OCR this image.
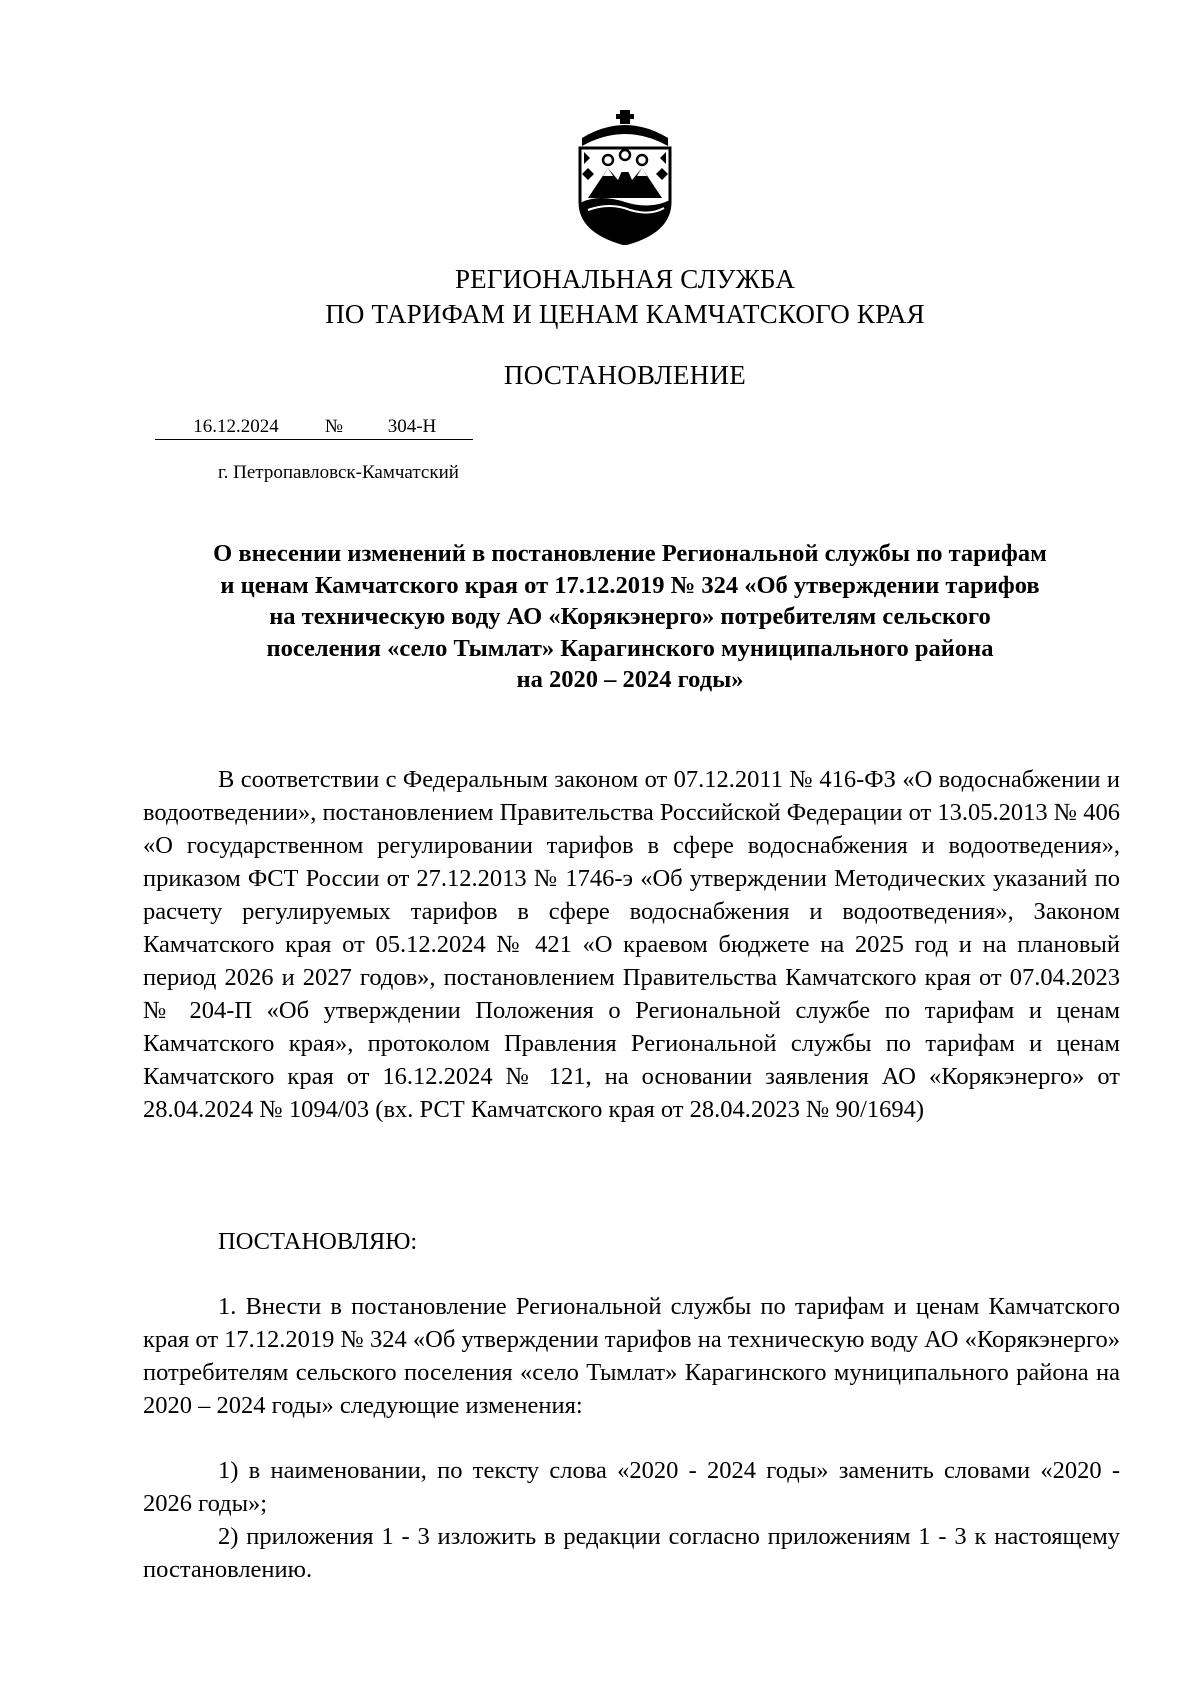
РЕГИОНАЛЬНАЯ СЛУЖБА
ПО ТАРИФАМ И ЦЕНАМ КАМЧАТСКОГО КРАЯ
ПОСТАНОВЛЕНИЕ
16.12.2024 № 304-Н
г. Петропавловск-Камчатский
О внесении изменений в постановление Региональной службы по тарифам
и ценам Камчатского края от 17.12.2019 № 324 «Об утверждении тарифов
на техническую воду АО «Корякэнерго» потребителям сельского
поселения «село Тымлат» Карагинского муниципального района
на 2020 – 2024 годы»
В соответствии с Федеральным законом от 07.12.2011 № 416-ФЗ «О водоснабжении и водоотведении», постановлением Правительства Российской Федерации от 13.05.2013 № 406 «О государственном регулировании тарифов в сфере водоснабжения и водоотведения», приказом ФСТ России от 27.12.2013 № 1746-э «Об утверждении Методических указаний по расчету регулируемых тарифов в сфере водоснабжения и водоотведения», Законом Камчатского края от 05.12.2024 № 421 «О краевом бюджете на 2025 год и на плановый период 2026 и 2027 годов», постановлением Правительства Камчатского края от 07.04.2023 № 204-П «Об утверждении Положения о Региональной службе по тарифам и ценам Камчатского края», протоколом Правления Региональной службы по тарифам и ценам Камчатского края от 16.12.2024 № 121, на основании заявления АО «Корякэнерго» от 28.04.2024 № 1094/03 (вх. РСТ Камчатского края от 28.04.2023 № 90/1694)
ПОСТАНОВЛЯЮ:
1. Внести в постановление Региональной службы по тарифам и ценам Камчатского края от 17.12.2019 № 324 «Об утверждении тарифов на техническую воду АО «Корякэнерго» потребителям сельского поселения «село Тымлат» Карагинского муниципального района на 2020 – 2024 годы» следующие изменения:
1) в наименовании, по тексту слова «2020 - 2024 годы» заменить словами «2020 - 2026 годы»;
2) приложения 1 - 3 изложить в редакции согласно приложениям 1 - 3 к настоящему постановлению.
